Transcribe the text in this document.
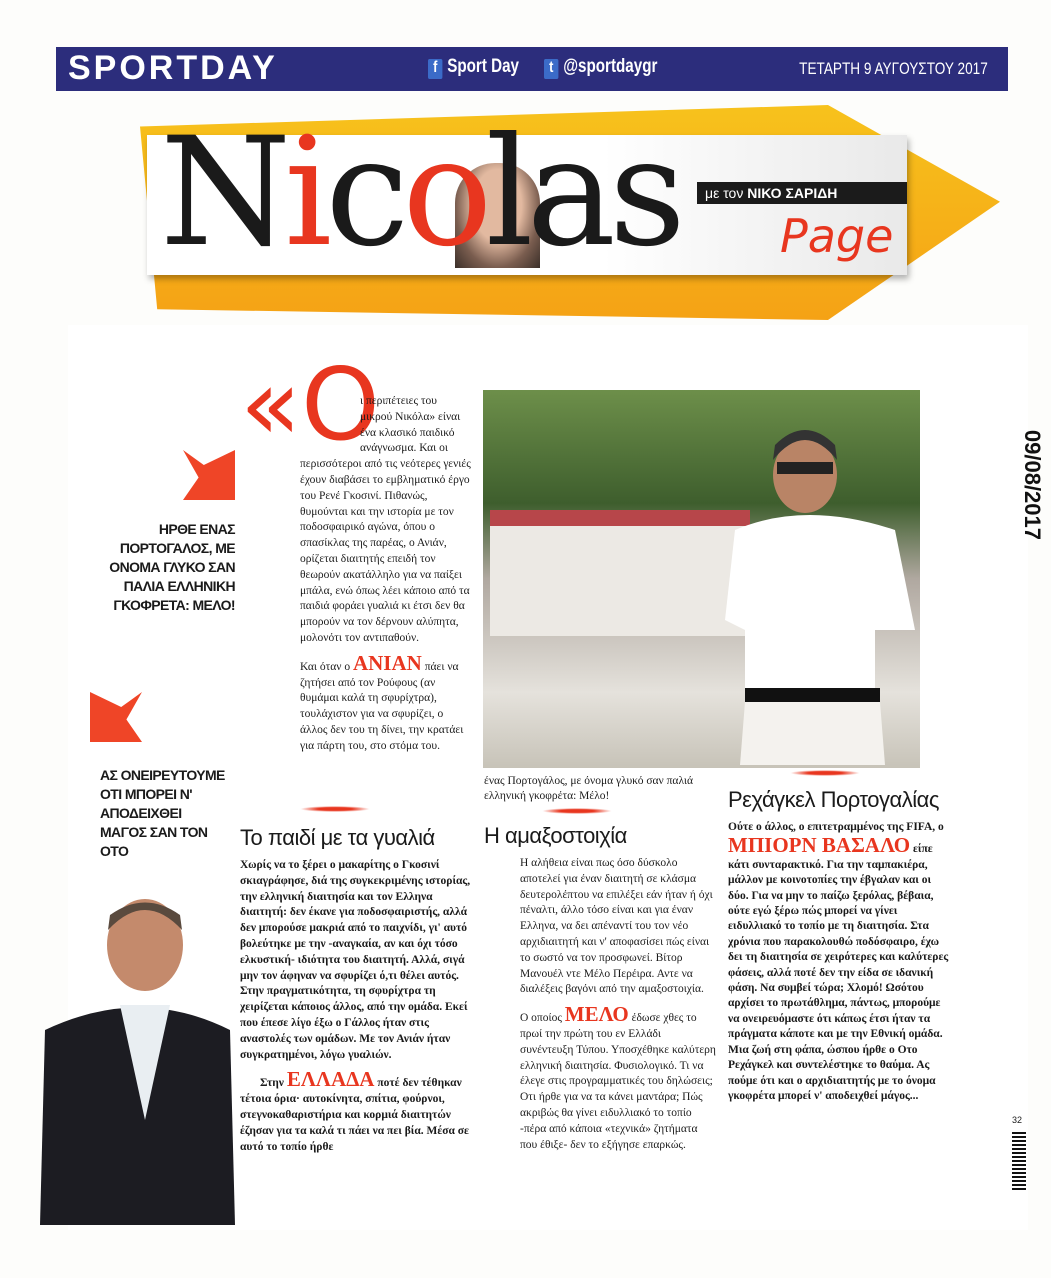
SPORTDAY	f Sport Day	t @sportdaygr	ΤΕΤΑΡΤΗ 9 ΑΥΓΟΥΣΤΟΥ 2017
Nicolas	με τον ΝΙΚΟ ΣΑΡΙΔΗ
Page
ΗΡΘΕ ΕΝΑΣ ΠΟΡΤΟΓΑΛΟΣ, ΜΕ ΟΝΟΜΑ ΓΛΥΚΟ ΣΑΝ ΠΑΛΙΑ ΕΛΛΗΝΙΚΗ ΓΚΟΦΡΕΤΑ: ΜΕΛΟ!
ΑΣ ΟΝΕΙΡΕΥΤΟΥΜΕ ΟΤΙ ΜΠΟΡΕΙ Ν' ΑΠΟΔΕΙΧΘΕΙ ΜΑΓΟΣ ΣΑΝ ΤΟΝ ΟΤΟ
«Ο

ι περιπέτειες του μικρού Νικόλα» είναι ένα κλασικό παιδικό ανάγνωσμα. Και οι περισσότεροι από τις νεότερες γενιές έχουν διαβάσει το εμβληματικό έργο του Ρενέ Γκοσινί. Πιθανώς, θυμούνται και την ιστορία με τον ποδοσφαιρικό αγώνα, όπου ο σπασίκλας της παρέας, ο Ανιάν, ορίζεται διαιτητής επειδή τον θεωρούν ακατάλληλο για να παίξει μπάλα, ενώ όπως λέει κάποιο από τα παιδιά φοράει γυαλιά κι έτσι δεν θα μπορούν να τον δέρνουν αλύπητα, μολονότι τον αντιπαθούν.

Και όταν ο ΑΝΙΑΝ πάει να ζητήσει από τον Ρούφους (αν θυμάμαι καλά τη σφυρίχτρα), τουλάχιστον για να σφυρίζει, ο άλλος δεν του τη δίνει, την κρατάει για πάρτη του, στο στόμα του.

ένας Πορτογάλος, με όνομα γλυκό σαν παλιά ελληνική γκοφρέτα: Μέλο!
Το παιδί με τα γυαλιά

Χωρίς να το ξέρει ο μακαρίτης ο Γκοσινί σκιαγράφησε, διά της συγκεκριμένης ιστορίας, την ελληνική διαιτησία και τον Ελληνα διαιτητή: δεν έκανε για ποδοσφαιριστής, αλλά δεν μπορούσε μακριά από το παιχνίδι, γι' αυτό βολεύτηκε με την -αναγκαία, αν και όχι τόσο ελκυστική- ιδιότητα του διαιτητή. Αλλά, σιγά μην τον άφηναν να σφυρίζει ό,τι θέλει αυτός. Στην πραγματικότητα, τη σφυρίχτρα τη χειρίζεται κάποιος άλλος, από την ομάδα. Εκεί που έπεσε λίγο έξω ο Γάλλος ήταν στις αναστολές των ομάδων. Με τον Ανιάν ήταν συγκρατημένοι, λόγω γυαλιών.

Στην ΕΛΛΑΔΑ ποτέ δεν τέθηκαν τέτοια όρια· αυτοκίνητα, σπίτια, φούρνοι, στεγνοκαθαριστήρια και κορμιά διαιτητών έζησαν για τα καλά τι πάει να πει βία. Μέσα σε αυτό το τοπίο ήρθε

Η αμαξοστοιχία

Η αλήθεια είναι πως όσο δύσκολο αποτελεί για έναν διαιτητή σε κλάσμα δευτερολέπτου να επιλέξει εάν ήταν ή όχι πέναλτι, άλλο τόσο είναι και για έναν Ελληνα, να δει απέναντί του τον νέο αρχιδιαιτητή και ν' αποφασίσει πώς είναι το σωστό να τον προσφωνεί. Βίτορ Μανουέλ ντε Μέλο Περέιρα. Αντε να διαλέξεις βαγόνι από την αμαξοστοιχία.

Ο οποίος ΜΕΛΟ έδωσε χθες το πρωί την πρώτη του εν Ελλάδι συνέντευξη Τύπου. Υποσχέθηκε καλύτερη ελληνική διαιτησία. Φυσιολογικό. Τι να έλεγε στις προγραμματικές του δηλώσεις; Οτι ήρθε για να τα κάνει μαντάρα; Πώς ακριβώς θα γίνει ειδυλλιακό το τοπίο -πέρα από κάποια «τεχνικά» ζητήματα που έθιξε- δεν το εξήγησε επαρκώς.

Ρεχάγκελ Πορτογαλίας

Ούτε ο άλλος, ο επιτετραμμένος της FIFA, ο ΜΠΙΟΡΝ ΒΑΣΑΛΟ είπε κάτι συνταρακτικό. Για την ταμπακιέρα, μάλλον με κοινοτοπίες την έβγαλαν και οι δύο. Για να μην το παίζω ξερόλας, βέβαια, ούτε εγώ ξέρω πώς μπορεί να γίνει ειδυλλιακό το τοπίο με τη διαιτησία. Στα χρόνια που παρακολουθώ ποδόσφαιρο, έχω δει τη διαιτησία σε χειρότερες και καλύτερες φάσεις, αλλά ποτέ δεν την είδα σε ιδανική φάση. Να συμβεί τώρα; Χλομό! Ωσότου αρχίσει το πρωτάθλημα, πάντως, μπορούμε να ονειρευόμαστε ότι κάπως έτσι ήταν τα πράγματα κάποτε και με την Εθνική ομάδα. Μια ζωή στη φάπα, ώσπου ήρθε ο Οτο Ρεχάγκελ και συντελέστηκε το θαύμα. Ας πούμε ότι και ο αρχιδιαιτητής με το όνομα γκοφρέτα μπορεί ν' αποδειχθεί μάγος...

09/08/2017
32
